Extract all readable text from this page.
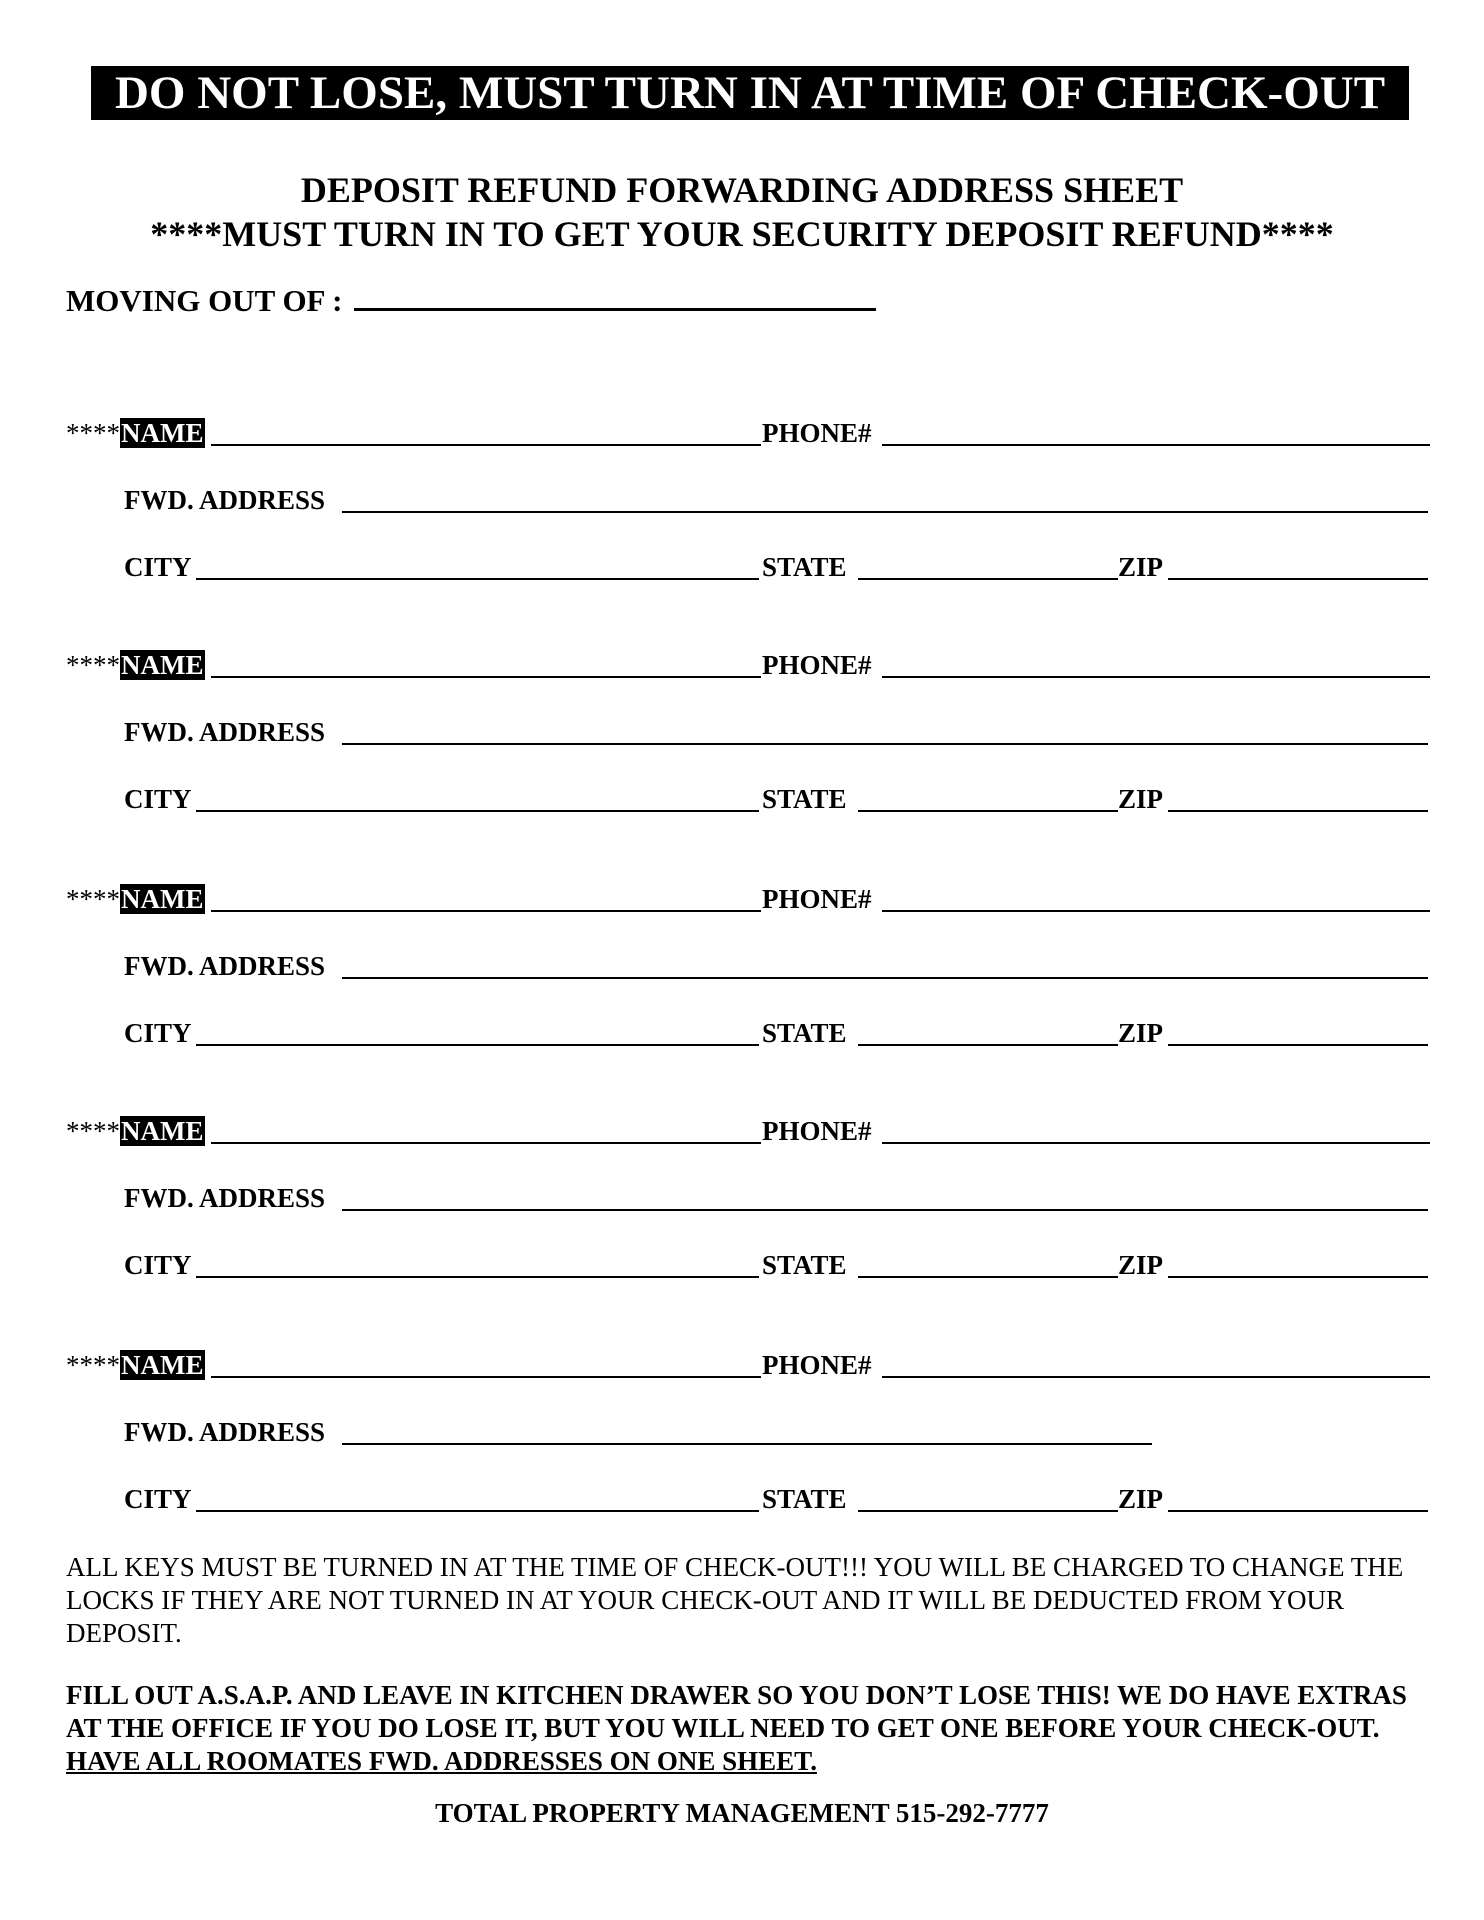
DO NOT LOSE, MUST TURN IN AT TIME OF CHECK-OUT
DEPOSIT REFUND FORWARDING ADDRESS SHEET
****MUST TURN IN TO GET YOUR SECURITY DEPOSIT REFUND****
MOVING OUT OF :
****NAME	PHONE#
FWD. ADDRESS
CITY	STATE	ZIP
****NAME	PHONE#
FWD. ADDRESS
CITY	STATE	ZIP
****NAME	PHONE#
FWD. ADDRESS
CITY	STATE	ZIP
****NAME	PHONE#
FWD. ADDRESS
CITY	STATE	ZIP
****NAME	PHONE#
FWD. ADDRESS
CITY	STATE	ZIP
ALL KEYS MUST BE TURNED IN AT THE TIME OF CHECK-OUT!!! YOU WILL BE CHARGED TO CHANGE THE LOCKS IF THEY ARE NOT TURNED IN AT YOUR CHECK-OUT AND IT WILL BE DEDUCTED FROM YOUR DEPOSIT.
FILL OUT A.S.A.P. AND LEAVE IN KITCHEN DRAWER SO YOU DON’T LOSE THIS! WE DO HAVE EXTRAS AT THE OFFICE IF YOU DO LOSE IT, BUT YOU WILL NEED TO GET ONE BEFORE YOUR CHECK-OUT. HAVE ALL ROOMATES FWD. ADDRESSES ON ONE SHEET.
TOTAL PROPERTY MANAGEMENT 515-292-7777
